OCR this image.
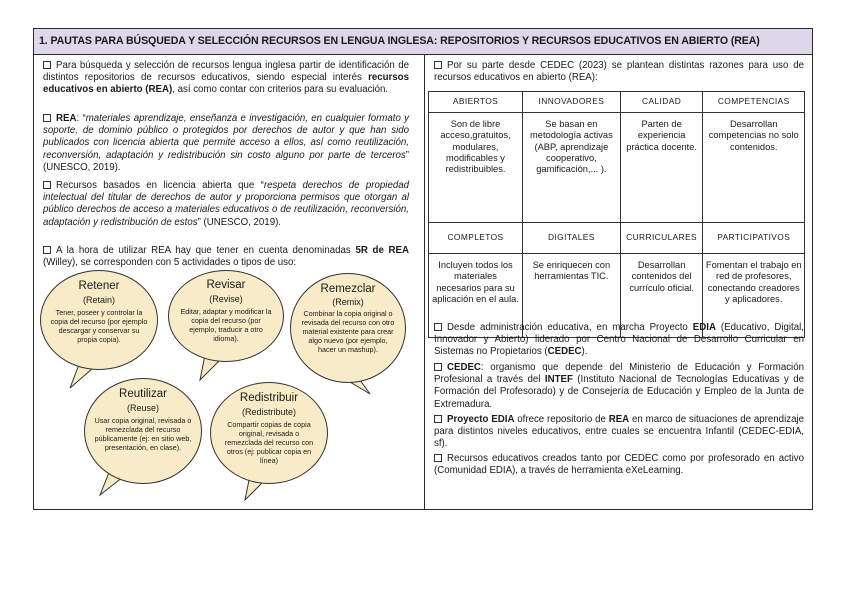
1. PAUTAS PARA BÚSQUEDA Y SELECCIÓN RECURSOS EN LENGUA INGLESA: REPOSITORIOS Y RECURSOS EDUCATIVOS EN ABIERTO (REA)
Para búsqueda y selección de recursos lengua inglesa partir de identificación de distintos repositorios de recursos educativos, siendo especial interés recursos educativos en abierto (REA), así como contar con criterios para su evaluación.
REA: “materiales aprendizaje, enseñanza e investigación, en cualquier formato y soporte, de dominio público o protegidos por derechos de autor y que han sido publicados con licencia abierta que permite acceso a ellos, así como reutilización, reconversión, adaptación y redistribución sin costo alguno por parte de terceros” (UNESCO, 2019).
Recursos basados en licencia abierta que “respeta derechos de propiedad intelectual del titular de derechos de autor y proporciona permisos que otorgan al público derechos de acceso a materiales educativos o de reutilización, reconversión, adaptación y redistribución de estos” (UNESCO, 2019).
A la hora de utilizar REA hay que tener en cuenta denominadas 5R de REA (Willey), se corresponden con 5 actividades o tipos de uso:
Retener
(Retain)
Tener, poseer y controlar la copia del recurso (por ejemplo descargar y conservar su propia copia).
Revisar
(Revise)
Editar, adaptar y modificar la copia del recurso (por ejemplo, traducir a otro idioma).
Remezclar
(Remix)
Combinar la copia original o revisada del recurso con otro material existente para crear algo nuevo (por ejemplo, hacer un mashup).
Reutilizar
(Reuse)
Usar copia original, revisada o remezclada del recurso públicamente (ej: en sitio web, presentación, en clase).
Redistribuir
(Redistribute)
Compartir copias de copia original, revisada o remezclada del recurso con otros (ej: publicar copia en línea)
Por su parte desde CEDEC (2023) se plantean distintas razones para uso de recursos educativos en abierto (REA):
ABIERTOS	INNOVADORES	CALIDAD	COMPETENCIAS
Son de libre acceso,gratuitos, modulares, modificables y redistribuibles.	Se basan en metodología activas (ABP, aprendizaje cooperativo, gamificación,... ).	Parten de experiencia práctica docente.	Desarrollan competencias no solo contenidos.
COMPLETOS	DIGITALES	CURRICULARES	PARTICIPATIVOS
Incluyen todos los materiales necesarios para su aplicación en el aula.	Se enriquecen con herramientas TIC.	Desarrollan contenidos del currículo oficial.	Fomentan el trabajo en red de profesores, conectando creadores y aplicadores.
Desde administración educativa, en marcha Proyecto EDIA (Educativo, Digital, Innovador y Abierto) liderado por Centro Nacional de Desarrollo Curricular en Sistemas no Propietarios (CEDEC).
CEDEC: organismo que depende del Ministerio de Educación y Formación Profesional a través del INTEF (Instituto Nacional de Tecnologías Educativas y de Formación del Profesorado) y de Consejería de Educación y Empleo de la Junta de Extremadura.
Proyecto EDIA ofrece repositorio de REA en marco de situaciones de aprendizaje para distintos niveles educativos, entre cuales se encuentra Infantil (CEDEC-EDIA, sf).
Recursos educativos creados tanto por CEDEC como por profesorado en activo (Comunidad EDIA), a través de herramienta eXeLearning.
